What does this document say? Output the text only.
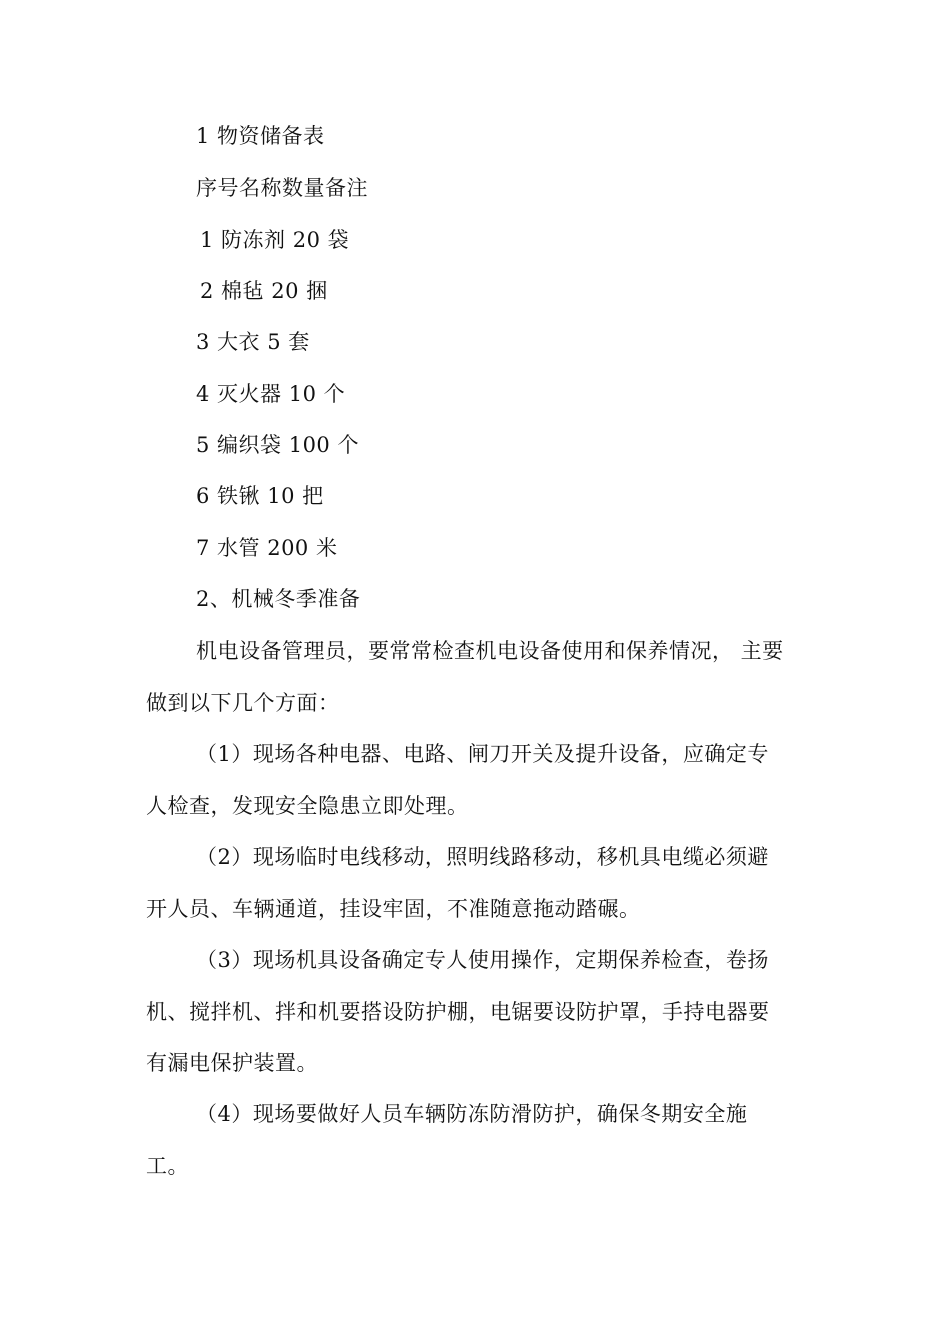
1 物资储备表
序号名称数量备注
1 防冻剂 20 袋
2 棉毡 20 捆
3 大衣 5 套
4 灭火器 10 个
5 编织袋 100 个
6 铁锹 10 把
7 水管 200 米
2、机械冬季准备
机电设备管理员，要常常检查机电设备使用和保养情况， 主要
做到以下几个方面：
（1）现场各种电器、电路、闸刀开关及提升设备，应确定专
人检查，发现安全隐患立即处理。
（2）现场临时电线移动，照明线路移动，移机具电缆必须避
开人员、车辆通道，挂设牢固，不准随意拖动踏碾。
（3）现场机具设备确定专人使用操作，定期保养检查，卷扬
机、搅拌机、拌和机要搭设防护棚，电锯要设防护罩，手持电器要
有漏电保护装置。
（4）现场要做好人员车辆防冻防滑防护，确保冬期安全施
工。
